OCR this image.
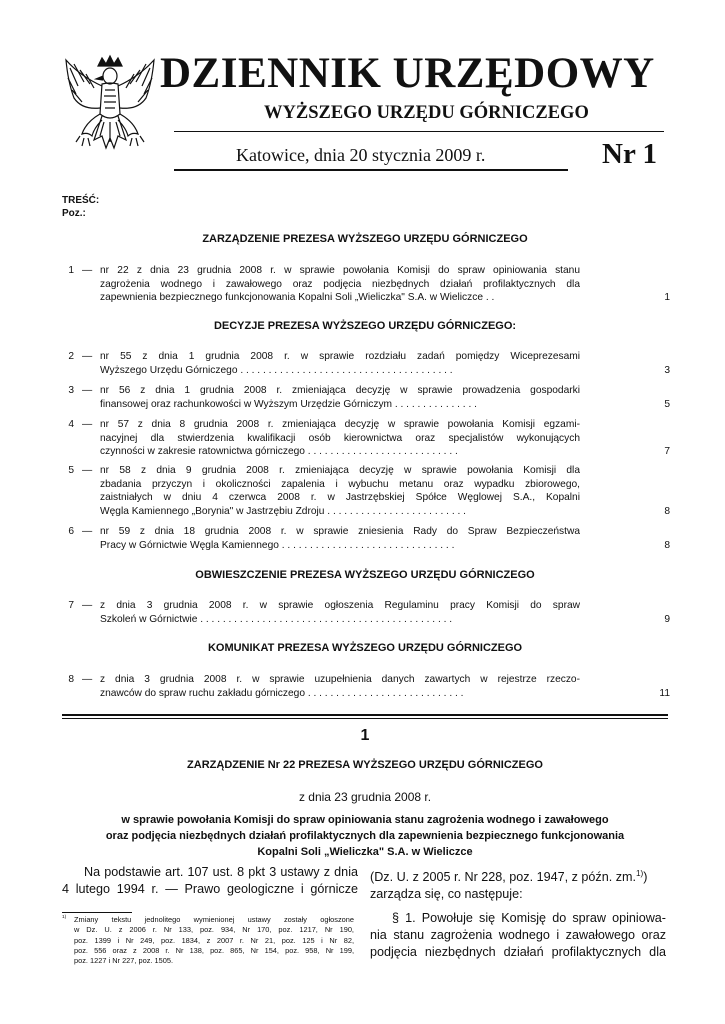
DZIENNIK URZĘDOWY
WYŻSZEGO URZĘDU GÓRNICZEGO
Katowice, dnia 20 stycznia 2009 r.	Nr 1
TREŚĆ:
Poz.:
ZARZĄDZENIE PREZESA WYŻSZEGO URZĘDU GÓRNICZEGO
1 — nr 22 z dnia 23 grudnia 2008 r. w sprawie powołania Komisji do spraw opiniowania stanu
zagrożenia wodnego i zawałowego oraz podjęcia niezbędnych działań profilaktycznych dla
zapewnienia bezpiecznego funkcjonowania Kopalni Soli „Wieliczka" S.A. w Wieliczce . .	1
DECYZJE PREZESA WYŻSZEGO URZĘDU GÓRNICZEGO:
2 — nr 55 z dnia 1 grudnia 2008 r. w sprawie rozdziału zadań pomiędzy Wiceprezesami
Wyższego Urzędu Górniczego . . . . . . . . . . . . . . . . . . . . . . . . . . . . . . . . . . . . . .	3
3 — nr 56 z dnia 1 grudnia 2008 r. zmieniająca decyzję w sprawie prowadzenia gospodarki
finansowej oraz rachunkowości w Wyższym Urzędzie Górniczym . . . . . . . . . . . . . . .	5
4 — nr 57 z dnia 8 grudnia 2008 r. zmieniająca decyzję w sprawie powołania Komisji egzami-
nacyjnej dla stwierdzenia kwalifikacji osób kierownictwa oraz specjalistów wykonujących
czynności w zakresie ratownictwa górniczego . . . . . . . . . . . . . . . . . . . . . . . . . . .	7
5 — nr 58 z dnia 9 grudnia 2008 r. zmieniająca decyzję w sprawie powołania Komisji dla
zbadania przyczyn i okoliczności zapalenia i wybuchu metanu oraz wypadku zbiorowego,
zaistniałych w dniu 4 czerwca 2008 r. w Jastrzębskiej Spółce Węglowej S.A., Kopalni
Węgla Kamiennego „Borynia" w Jastrzębiu Zdroju . . . . . . . . . . . . . . . . . . . . . . . . .	8
6 — nr 59 z dnia 18 grudnia 2008 r. w sprawie zniesienia Rady do Spraw Bezpieczeństwa
Pracy w Górnictwie Węgla Kamiennego . . . . . . . . . . . . . . . . . . . . . . . . . . . . . . .	8
OBWIESZCZENIE PREZESA WYŻSZEGO URZĘDU GÓRNICZEGO
7 — z dnia 3 grudnia 2008 r. w sprawie ogłoszenia Regulaminu pracy Komisji do spraw
Szkoleń w Górnictwie . . . . . . . . . . . . . . . . . . . . . . . . . . . . . . . . . . . . . . . . . . . . .	9
KOMUNIKAT PREZESA WYŻSZEGO URZĘDU GÓRNICZEGO
8 — z dnia 3 grudnia 2008 r. w sprawie uzupełnienia danych zawartych w rejestrze rzeczo-
znawców do spraw ruchu zakładu górniczego . . . . . . . . . . . . . . . . . . . . . . . . . . . .	11
1
ZARZĄDZENIE Nr 22 PREZESA WYŻSZEGO URZĘDU GÓRNICZEGO
z dnia 23 grudnia 2008 r.
w sprawie powołania Komisji do spraw opiniowania stanu zagrożenia wodnego i zawałowego
oraz podjęcia niezbędnych działań profilaktycznych dla zapewnienia bezpiecznego funkcjonowania
Kopalni Soli „Wieliczka" S.A. w Wieliczce
Na podstawie art. 107 ust. 8 pkt 3 ustawy z dnia
4 lutego 1994 r. — Prawo geologiczne i górnicze
(Dz. U. z 2005 r. Nr 228, poz. 1947, z późn. zm.$^{1)}$)
zarządza się, co następuje:
1) Zmiany tekstu jednolitego wymienionej ustawy zostały ogłoszone
w Dz. U. z 2006 r. Nr 133, poz. 934, Nr 170, poz. 1217, Nr 190,
poz. 1399 i Nr 249, poz. 1834, z 2007 r. Nr 21, poz. 125 i Nr 82,
poz. 556 oraz z 2008 r. Nr 138, poz. 865, Nr 154, poz. 958, Nr 199,
poz. 1227 i Nr 227, poz. 1505.
§ 1. Powołuje się Komisję do spraw opiniowa-
nia stanu zagrożenia wodnego i zawałowego oraz
podjęcia niezbędnych działań profilaktycznych dla
